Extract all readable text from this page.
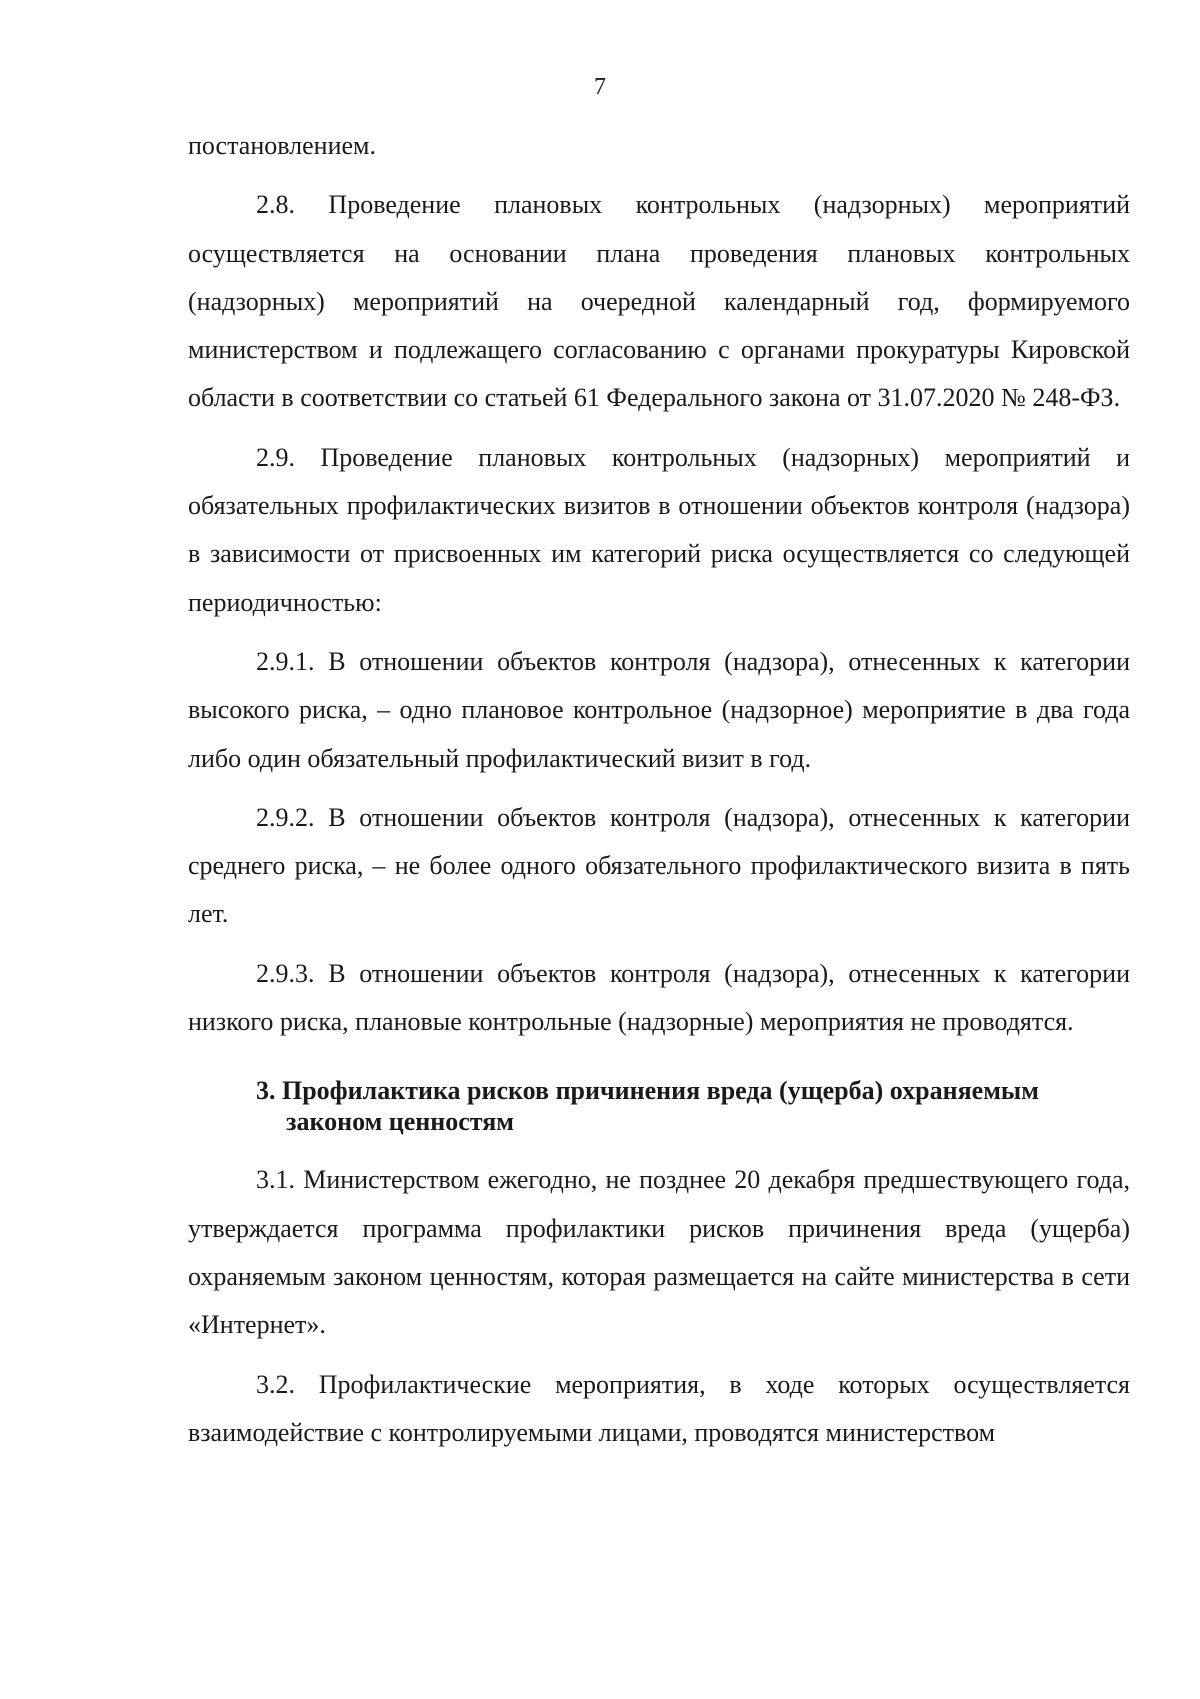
7

постановлением.

2.8. Проведение плановых контрольных (надзорных) мероприятий осуществляется на основании плана проведения плановых контрольных (надзорных) мероприятий на очередной календарный год, формируемого министерством и подлежащего согласованию с органами прокуратуры Кировской области в соответствии со статьей 61 Федерального закона от 31.07.2020 № 248-ФЗ.

2.9. Проведение плановых контрольных (надзорных) мероприятий и обязательных профилактических визитов в отношении объектов контроля (надзора) в зависимости от присвоенных им категорий риска осуществляется со следующей периодичностью:

2.9.1. В отношении объектов контроля (надзора), отнесенных к категории высокого риска, – одно плановое контрольное (надзорное) мероприятие в два года либо один обязательный профилактический визит в год.

2.9.2. В отношении объектов контроля (надзора), отнесенных к категории среднего риска, – не более одного обязательного профилактического визита в пять лет.

2.9.3. В отношении объектов контроля (надзора), отнесенных к категории низкого риска, плановые контрольные (надзорные) мероприятия не проводятся.

3. Профилактика рисков причинения вреда (ущерба) охраняемым
законом ценностям

3.1. Министерством ежегодно, не позднее 20 декабря предшествующего года, утверждается программа профилактики рисков причинения вреда (ущерба) охраняемым законом ценностям, которая размещается на сайте министерства в сети «Интернет».

3.2. Профилактические мероприятия, в ходе которых осуществляется взаимодействие с контролируемыми лицами, проводятся министерством
